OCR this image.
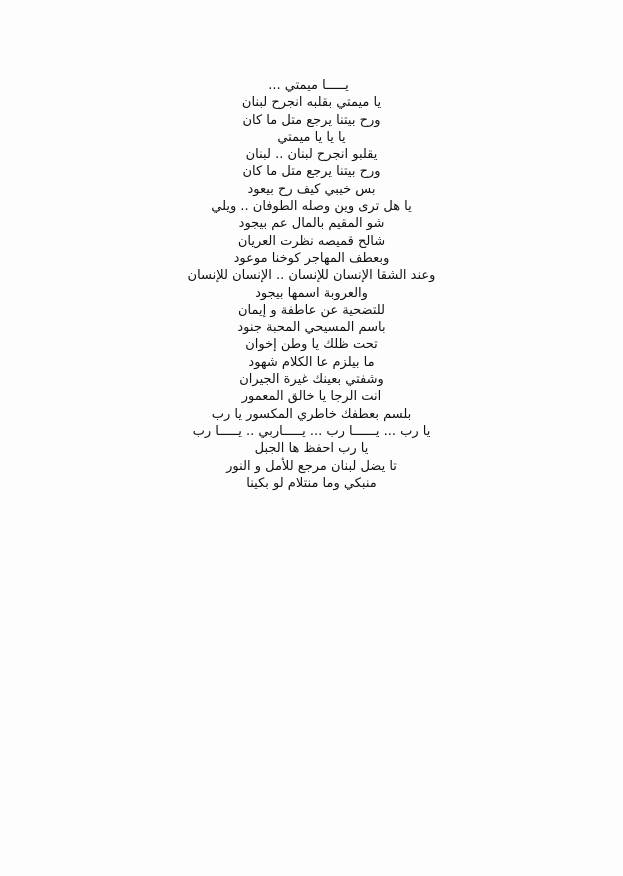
يـــــا ميمتي ...
يا ميمتي بقلبه انجرح لبنان
ورح بيتنا يرجع متل ما كان
يا يا يا ميمتي
يقلبو انجرح لبنان .. لبنان
ورح بيتنا يرجع متل ما كان
بس خيبي كيف رح بيعود
يا هل ترى وين وصله الطوفان .. ويلي
شو المقيم بالمال عم بيجود
شالح قميصه نظرت العريان
وبعطف المهاجر كوخنا موعود
وعند الشقا الإنسان للإنسان .. الإنسان للإنسان
والعروبة اسمها بيجود
للتضحية عن عاطفة و إيمان
باسم المسيحي المحبة جنود
تحت ظلك يا وطن إخوان
ما بيلزم عا الكلام شهود
وشفتي بعينك غيرة الجيران
انت الرجا يا خالق المعمور
بلسم بعطفك خاطري المكسور يا رب
يا رب ... يــــــا رب ... يـــــاربي .. يـــــا رب
يا رب احفظ ها الجبل
تا يضل لبنان مرجع للأمل و النور
منبكي وما منتلام لو بكينا
